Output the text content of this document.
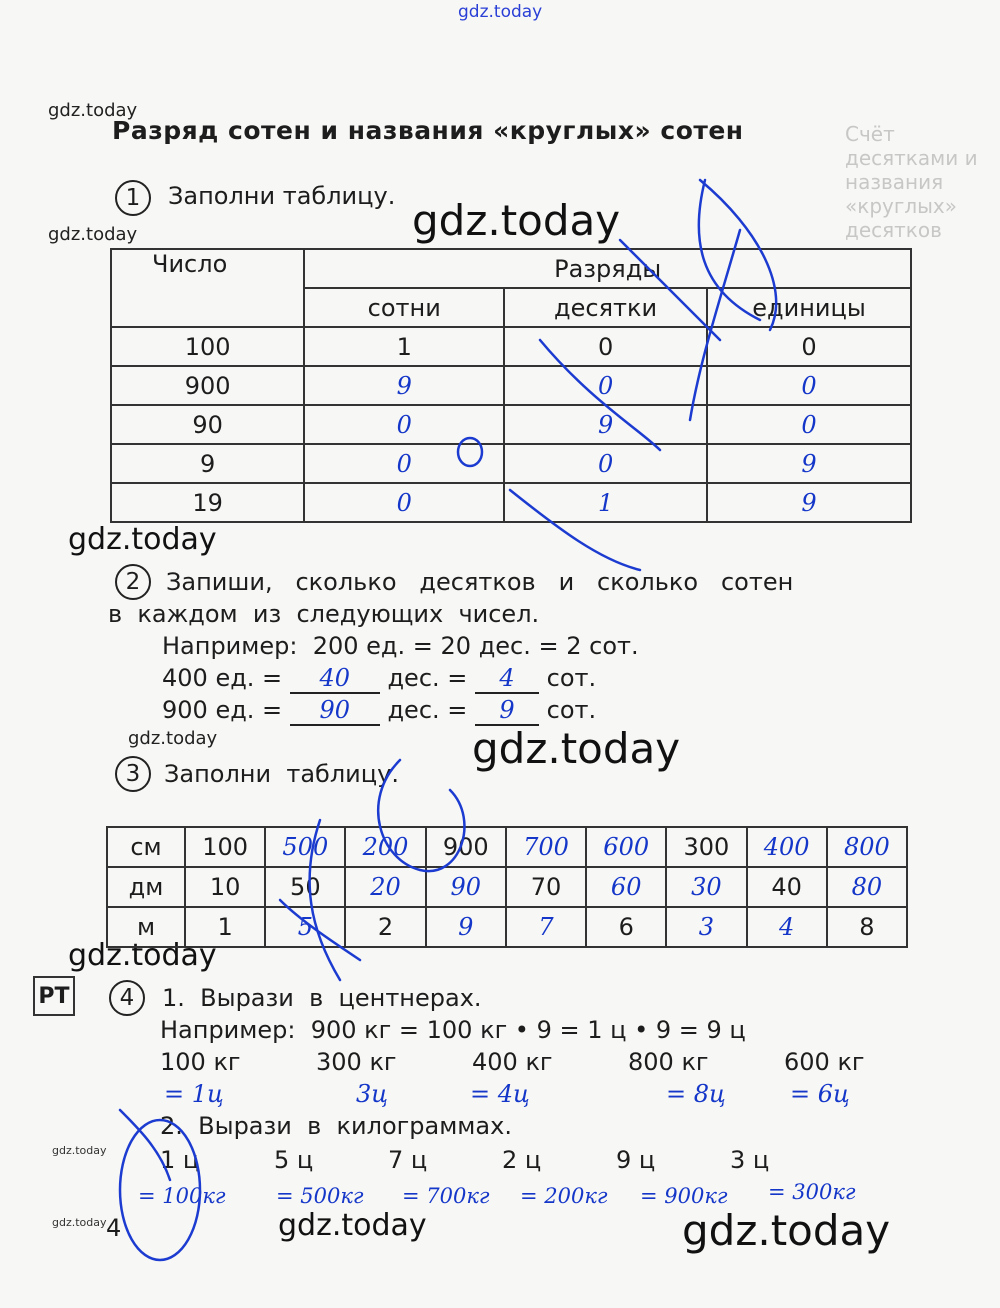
Счёт десятками и названия «круглых» десятков
gdz.today
gdz.today
gdz.today	gdz.today
gdz.today
gdz.today	gdz.today
gdz.today
gdz.today
gdz.today	gdz.today	gdz.today
Разряд сотен и названия «круглых» сотен
1	Заполни таблицу.
Число	Разряды		
	сотни	десятки	единицы
100	1	0	0
900	9	0	0
90	0	9	0
9	0	0	9
19	0	1	9
2	Запиши,   сколько   десятков   и   сколько   сотен
в  каждом  из  следующих  чисел.
Например:  200 ед. = 20 дес. = 2 сот.
400 ед. = 40 дес. = 4 сот.
900 ед. = 90 дес. = 9 сот.
3 Заполни  таблицу.
см	100	500	200	900	700	600	300	400	800
дм	10	50	20	90	70	60	30	40	80
м	1	5	2	9	7	6	3	4	8
РТ	4	1.  Вырази  в  центнерах.
Например:  900 кг = 100 кг • 9 = 1 ц • 9 = 9 ц
100 кг	300 кг	400 кг	800 кг	600 кг
= 1ц	3ц	= 4ц	= 8ц	= 6ц
2.  Вырази  в  килограммах.
1 ц	5 ц	7 ц	2 ц	9 ц	3 ц
= 100кг = 500кг = 700кг = 200кг = 900кг = 300кг
4
